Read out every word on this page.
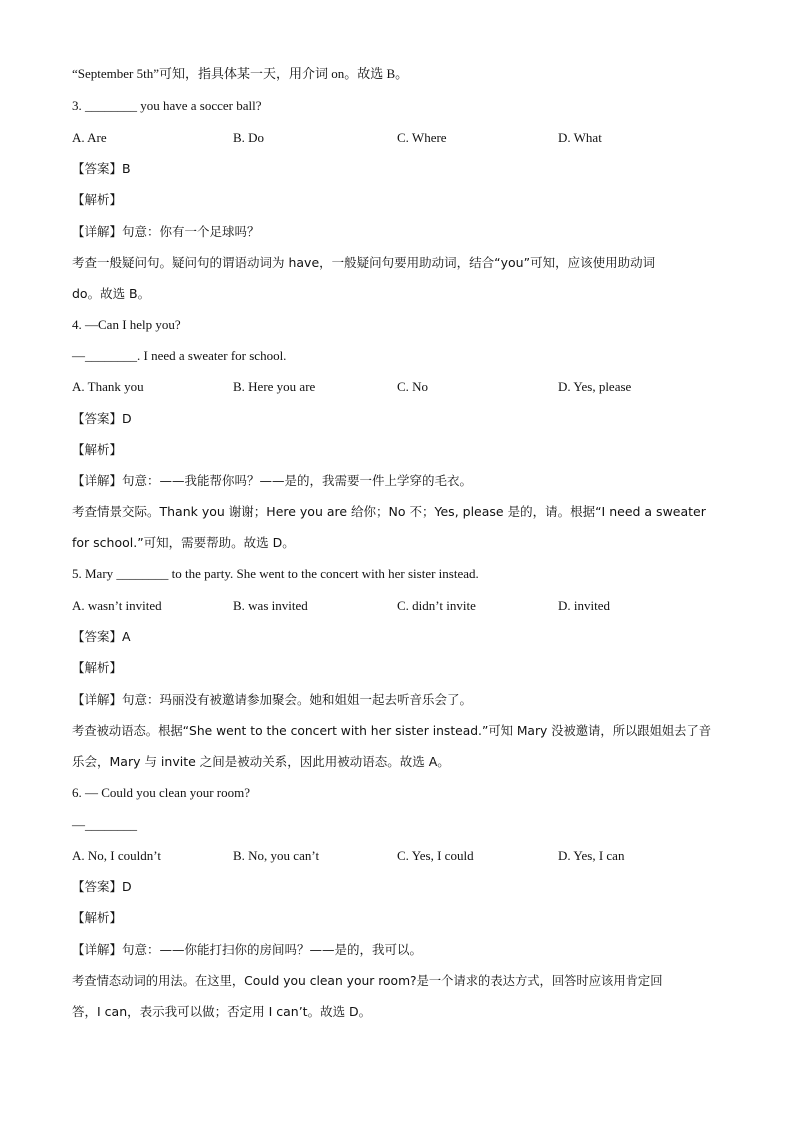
“September 5th”可知，指具体某一天，用介词 on。故选 B。
3. ________ you have a soccer ball?
A. Are	B. Do	C. Where	D. What
【答案】B
【解析】
【详解】句意：你有一个足球吗？
考查一般疑问句。疑问句的谓语动词为 have，一般疑问句要用助动词，结合“you”可知，应该使用助动词
do。故选 B。
4. —Can I help you?
—________. I need a sweater for school.
A. Thank you	B. Here you are	C. No	D. Yes, please
【答案】D
【解析】
【详解】句意：——我能帮你吗？——是的，我需要一件上学穿的毛衣。
考查情景交际。Thank you 谢谢；Here you are 给你；No 不；Yes, please 是的，请。根据“I need a sweater
for school.”可知，需要帮助。故选 D。
5. Mary ________ to the party. She went to the concert with her sister instead.
A. wasn’t invited	B. was invited	C. didn’t invite	D. invited
【答案】A
【解析】
【详解】句意：玛丽没有被邀请参加聚会。她和姐姐一起去听音乐会了。
考查被动语态。根据“She went to the concert with her sister instead.”可知 Mary 没被邀请，所以跟姐姐去了音
乐会，Mary 与 invite 之间是被动关系，因此用被动语态。故选 A。
6. — Could you clean your room?
—________
A. No, I couldn’t	B. No, you can’t	C. Yes, I could	D. Yes, I can
【答案】D
【解析】
【详解】句意：——你能打扫你的房间吗？——是的，我可以。
考查情态动词的用法。在这里，Could you clean your room?是一个请求的表达方式，回答时应该用肯定回
答，I can，表示我可以做；否定用 I can’t。故选 D。
